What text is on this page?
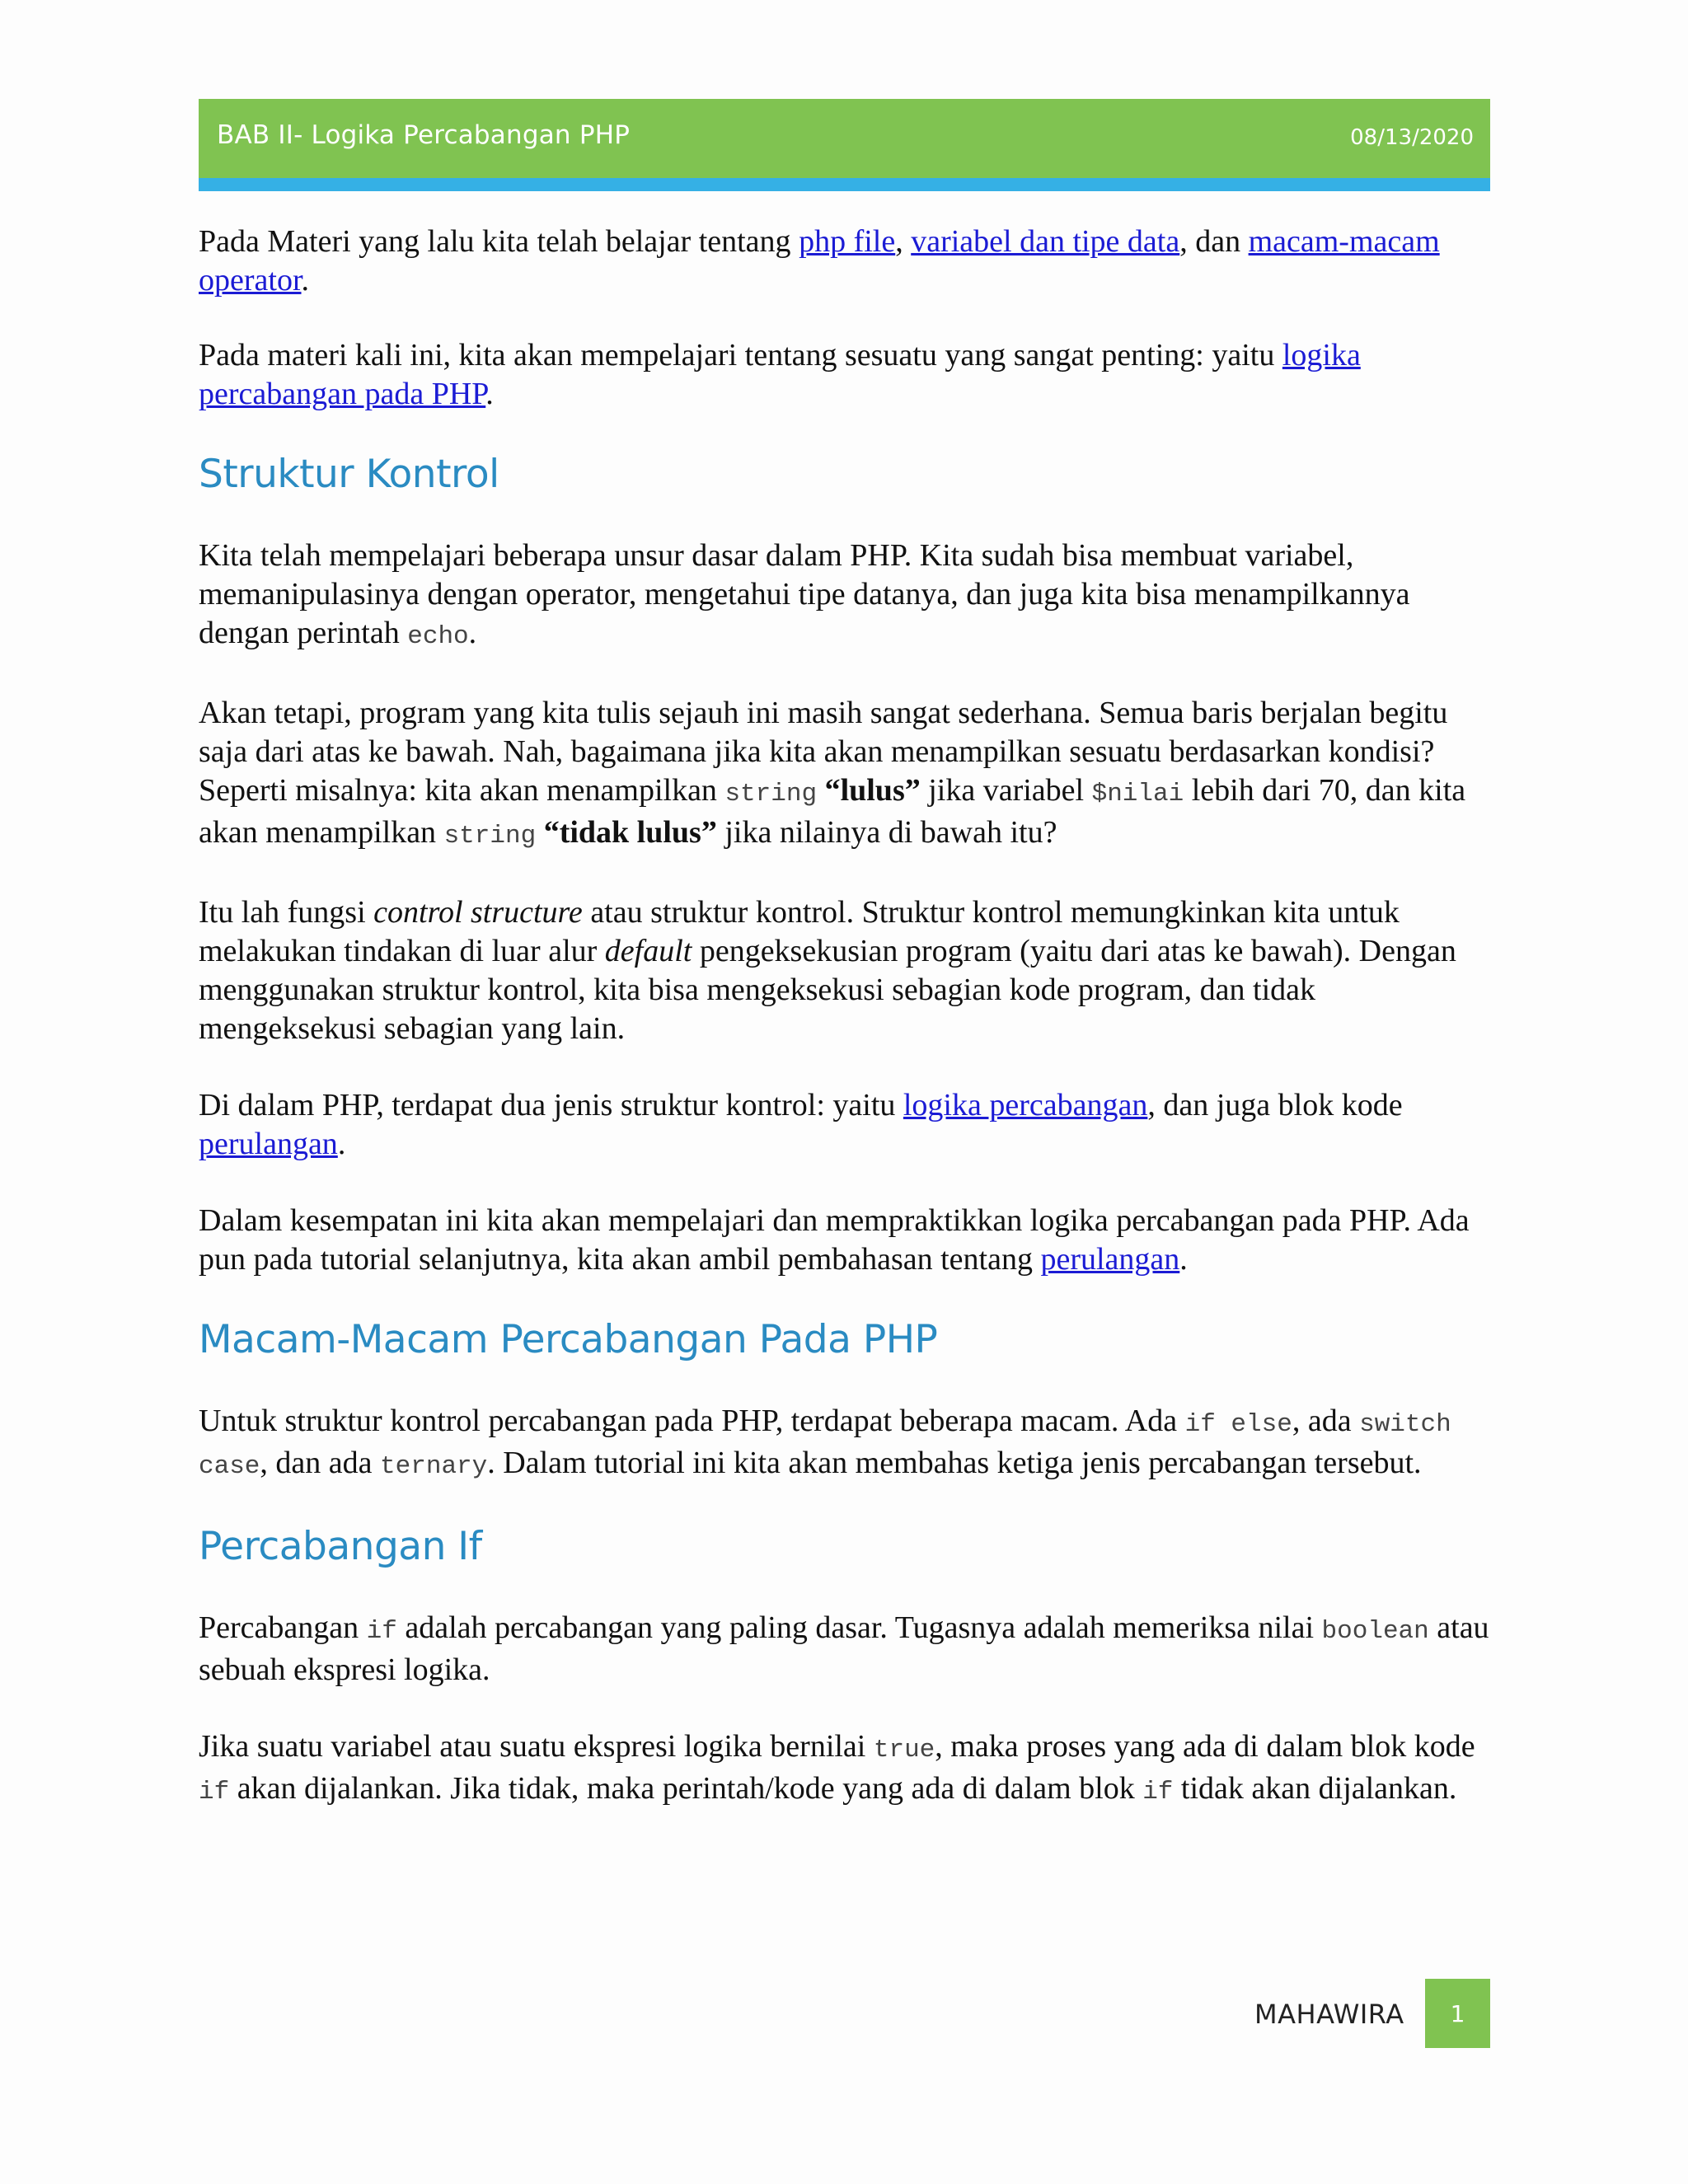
BAB II- Logika Percabangan PHP	08/13/2020

Pada Materi yang lalu kita telah belajar tentang php file, variabel dan tipe data, dan macam-macam operator.

Pada materi kali ini, kita akan mempelajari tentang sesuatu yang sangat penting: yaitu logika percabangan pada PHP.

Struktur Kontrol

Kita telah mempelajari beberapa unsur dasar dalam PHP. Kita sudah bisa membuat variabel, memanipulasinya dengan operator, mengetahui tipe datanya, dan juga kita bisa menampilkannya dengan perintah echo.

Akan tetapi, program yang kita tulis sejauh ini masih sangat sederhana. Semua baris berjalan begitu saja dari atas ke bawah. Nah, bagaimana jika kita akan menampilkan sesuatu berdasarkan kondisi? Seperti misalnya: kita akan menampilkan string “lulus” jika variabel $nilai lebih dari 70, dan kita akan menampilkan string “tidak lulus” jika nilainya di bawah itu?

Itu lah fungsi control structure atau struktur kontrol. Struktur kontrol memungkinkan kita untuk melakukan tindakan di luar alur default pengeksekusian program (yaitu dari atas ke bawah). Dengan menggunakan struktur kontrol, kita bisa mengeksekusi sebagian kode program, dan tidak mengeksekusi sebagian yang lain.

Di dalam PHP, terdapat dua jenis struktur kontrol: yaitu logika percabangan, dan juga blok kode perulangan.

Dalam kesempatan ini kita akan mempelajari dan mempraktikkan logika percabangan pada PHP. Ada pun pada tutorial selanjutnya, kita akan ambil pembahasan tentang perulangan.

Macam-Macam Percabangan Pada PHP

Untuk struktur kontrol percabangan pada PHP, terdapat beberapa macam. Ada if else, ada switch case, dan ada ternary. Dalam tutorial ini kita akan membahas ketiga jenis percabangan tersebut.

Percabangan If

Percabangan if adalah percabangan yang paling dasar. Tugasnya adalah memeriksa nilai boolean atau sebuah ekspresi logika.

Jika suatu variabel atau suatu ekspresi logika bernilai true, maka proses yang ada di dalam blok kode if akan dijalankan. Jika tidak, maka perintah/kode yang ada di dalam blok if tidak akan dijalankan.

MAHAWIRA 1
